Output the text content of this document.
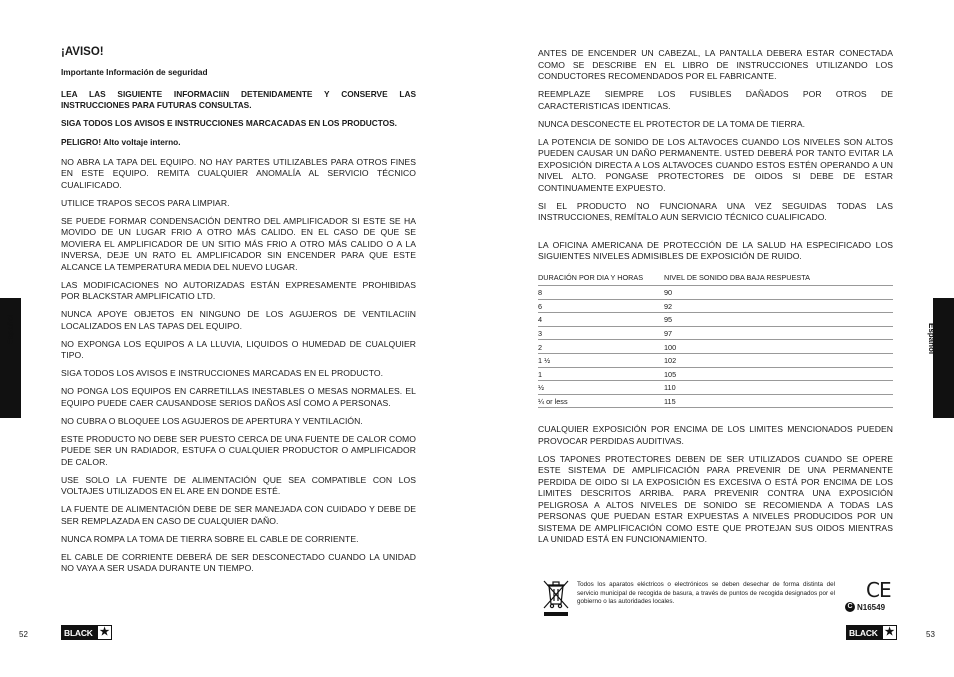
¡AVISO!
Importante Información de seguridad
LEA LAS SIGUIENTE INFORMACIíN DETENIDAMENTE Y CONSERVE LAS INSTRUCCIONES PARA FUTURAS CONSULTAS.
SIGA TODOS LOS AVISOS E INSTRUCCIONES MARCACADAS EN LOS PRODUCTOS.
PELIGRO! Alto voltaje interno.
NO ABRA LA TAPA DEL EQUIPO. NO HAY PARTES UTILIZABLES PARA OTROS FINES EN ESTE EQUIPO. REMITA CUALQUIER ANOMALÍA AL SERVICIO TÉCNICO CUALIFICADO.
UTILICE TRAPOS SECOS PARA LIMPIAR.
SE PUEDE FORMAR CONDENSACIÓN DENTRO DEL AMPLIFICADOR SI ESTE SE HA MOVIDO DE UN LUGAR FRIO A OTRO MÁS CALIDO. EN EL CASO DE QUE SE MOVIERA EL AMPLIFICADOR DE UN SITIO MÁS FRIO A OTRO MÁS CALIDO O A LA INVERSA, DEJE UN RATO EL AMPLIFICADOR SIN ENCENDER PARA QUE ESTE ALCANCE LA TEMPERATURA MEDIA DEL NUEVO LUGAR.
LAS MODIFICACIONES NO AUTORIZADAS ESTÁN EXPRESAMENTE PROHIBIDAS POR BLACKSTAR AMPLIFICATIO LTD.
NUNCA APOYE OBJETOS EN NINGUNO DE LOS AGUJEROS DE VENTILACIíN LOCALIZADOS EN LAS TAPAS DEL EQUIPO.
NO EXPONGA LOS EQUIPOS A LA LLUVIA, LIQUIDOS O HUMEDAD DE CUALQUIER TIPO.
SIGA TODOS LOS AVISOS E INSTRUCCIONES MARCADAS EN EL PRODUCTO.
NO PONGA LOS EQUIPOS EN CARRETILLAS INESTABLES O MESAS NORMALES. EL EQUIPO PUEDE CAER CAUSANDOSE SERIOS DAÑOS ASÍ COMO A PERSONAS.
NO CUBRA O BLOQUEE LOS AGUJEROS DE APERTURA Y VENTILACIÓN.
ESTE PRODUCTO NO DEBE SER PUESTO CERCA DE UNA FUENTE DE CALOR COMO PUEDE SER UN RADIADOR, ESTUFA O CUALQUIER PRODUCTOR O AMPLIFICADOR DE CALOR.
USE SOLO LA FUENTE DE ALIMENTACIÓN QUE SEA COMPATIBLE CON LOS VOLTAJES UTILIZADOS EN EL ARE EN DONDE ESTÉ.
LA FUENTE DE ALIMENTACIÓN DEBE DE SER MANEJADA CON CUIDADO Y DEBE DE SER REMPLAZADA EN CASO DE CUALQUIER DAÑO.
NUNCA ROMPA LA TOMA DE TIERRA SOBRE EL CABLE DE CORRIENTE.
EL CABLE DE CORRIENTE DEBERÁ DE SER DESCONECTADO CUANDO LA UNIDAD NO VAYA A SER USADA DURANTE UN TIEMPO.
52	BLACK ★
ANTES DE ENCENDER UN CABEZAL, LA PANTALLA DEBERA ESTAR CONECTADA COMO SE DESCRIBE EN EL LIBRO DE INSTRUCCIONES UTILIZANDO LOS CONDUCTORES RECOMENDADOS POR EL FABRICANTE.
REEMPLAZE SIEMPRE LOS FUSIBLES DAÑADOS POR OTROS DE CARACTERISTICAS IDENTICAS.
NUNCA DESCONECTE EL PROTECTOR DE LA TOMA DE TIERRA.
LA POTENCIA DE SONIDO DE LOS ALTAVOCES CUANDO LOS NIVELES SON ALTOS PUEDEN CAUSAR UN DAÑO PERMANENTE. USTED DEBERÁ POR TANTO EVITAR LA EXPOSICIÓN DIRECTA A LOS ALTAVOCES CUANDO ESTOS ESTÉN OPERANDO A UN NIVEL ALTO. PONGASE PROTECTORES DE OIDOS SI DEBE DE ESTAR CONTINUAMENTE EXPUESTO.
SI EL PRODUCTO NO FUNCIONARA UNA VEZ SEGUIDAS TODAS LAS INSTRUCCIONES, REMÍTALO AUN SERVICIO TÉCNICO CUALIFICADO.
LA OFICINA AMERICANA DE PROTECCIÓN DE LA SALUD HA ESPECIFICADO LOS SIGUIENTES NIVELES ADMISIBLES DE EXPOSICIÓN DE RUIDO.
DURACIÓN POR DIA Y HORAS	NIVEL DE SONIDO DBA BAJA RESPUESTA
8	90
6	92
4	95
3	97
2	100
1 ½	102
1	105
½	110
¼ or less	115
CUALQUIER EXPOSICIÓN POR ENCIMA DE LOS LIMITES MENCIONADOS PUEDEN PROVOCAR PERDIDAS AUDITIVAS.
LOS TAPONES PROTECTORES DEBEN DE SER UTILIZADOS CUANDO SE OPERE ESTE SISTEMA DE AMPLIFICACIÓN PARA PREVENIR DE UNA PERMANENTE PERDIDA DE OIDO SI LA EXPOSICIÓN ES EXCESIVA O ESTÁ POR ENCIMA DE LOS LIMITES DESCRITOS ARRIBA. PARA PREVENIR CONTRA UNA EXPOSICIÓN PELIGROSA A ALTOS NIVELES DE SONIDO SE RECOMIENDA A TODAS LAS PERSONAS QUE PUEDAN ESTAR EXPUESTAS A NIVELES PRODUCIDOS POR UN SISTEMA DE AMPLIFICACIÓN COMO ESTE QUE PROTEJAN SUS OIDOS MIENTRAS LA UNIDAD ESTÁ EN FUNCIONAMIENTO.
Todos los aparatos eléctricos o electrónicos se deben desechar de forma distinta del servicio municipal de recogida de basura, a través de puntos de recogida designados por el gobierno o las autoridades locales.	CE
C N16549
Español	Español
53
BLACK ★
